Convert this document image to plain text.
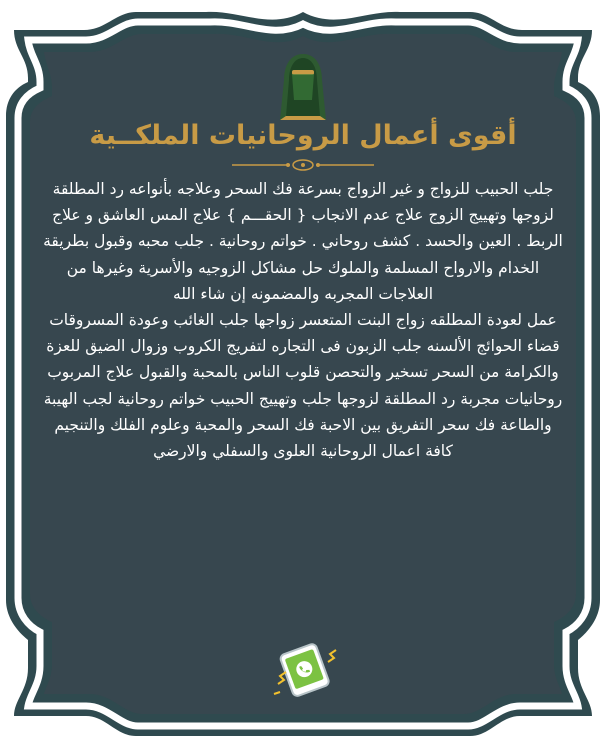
أقوى أعمال الروحانيات الملكــية

جلب الحبيب للزواج و غير الزواج بسرعة فك السحر وعلاجه بأنواعه رد المطلقة لزوجها وتهييج الزوج علاج عدم الانجاب { الحقـــم } علاج المس العاشق و علاج الربط . العين والحسد . كشف روحاني . خواتم روحانية . جلب محبه وقبول بطريقة الخدام والارواح المسلمة والملوك حل مشاكل الزوجيه والأسرية وغيرها من العلاجات المجربه والمضمونه إن شاء الله

عمل لعودة المطلقه زواج البنت المتعسر زواجها جلب الغائب وعودة المسروقات قضاء الحوائج الألسنه جلب الزبون فى التجاره لتفريج الكروب وزوال الضيق للعزة والكرامة من السحر تسخير والتحصن قلوب الناس بالمحبة والقبول علاج المربوب روحانيات مجربة رد المطلقة لزوجها جلب وتهييج الحبيب خواتم روحانية لجب الهيبة والطاعة فك سحر التفريق بين الاحبة فك السحر والمحبة وعلوم الفلك والتنجيم كافة اعمال الروحانية العلوى والسفلي والارضي
